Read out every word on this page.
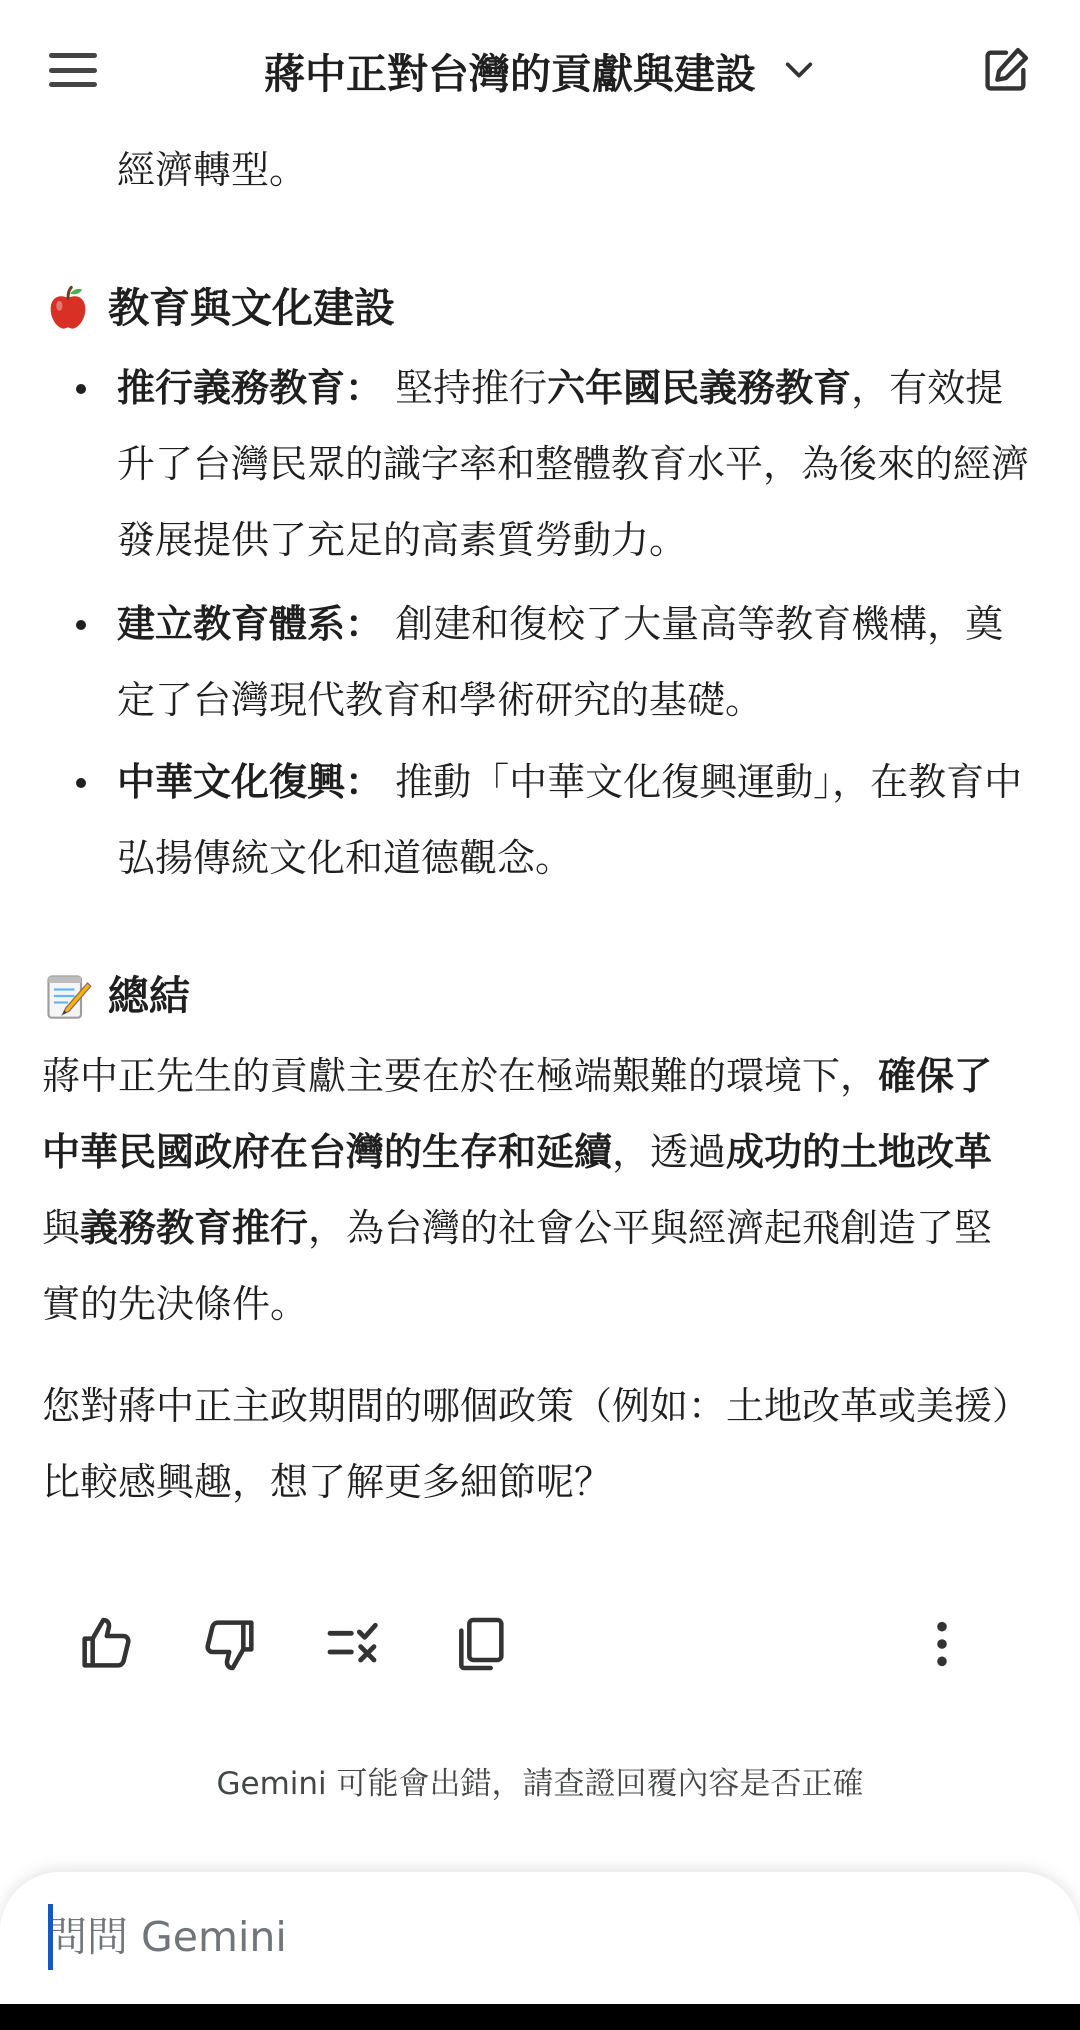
蔣中正對台灣的貢獻與建設
經濟轉型。
教育與文化建設
推行義務教育： 堅持推行六年國民義務教育，有效提升了台灣民眾的識字率和整體教育水平，為後來的經濟發展提供了充足的高素質勞動力。
建立教育體系： 創建和復校了大量高等教育機構，奠定了台灣現代教育和學術研究的基礎。
中華文化復興： 推動「中華文化復興運動」，在教育中弘揚傳統文化和道德觀念。
總結
蔣中正先生的貢獻主要在於在極端艱難的環境下，確保了中華民國政府在台灣的生存和延續，透過成功的土地改革與義務教育推行，為台灣的社會公平與經濟起飛創造了堅實的先決條件。
您對蔣中正主政期間的哪個政策（例如：土地改革或美援）比較感興趣，想了解更多細節呢？
Gemini 可能會出錯，請查證回覆內容是否正確
問問 Gemini
